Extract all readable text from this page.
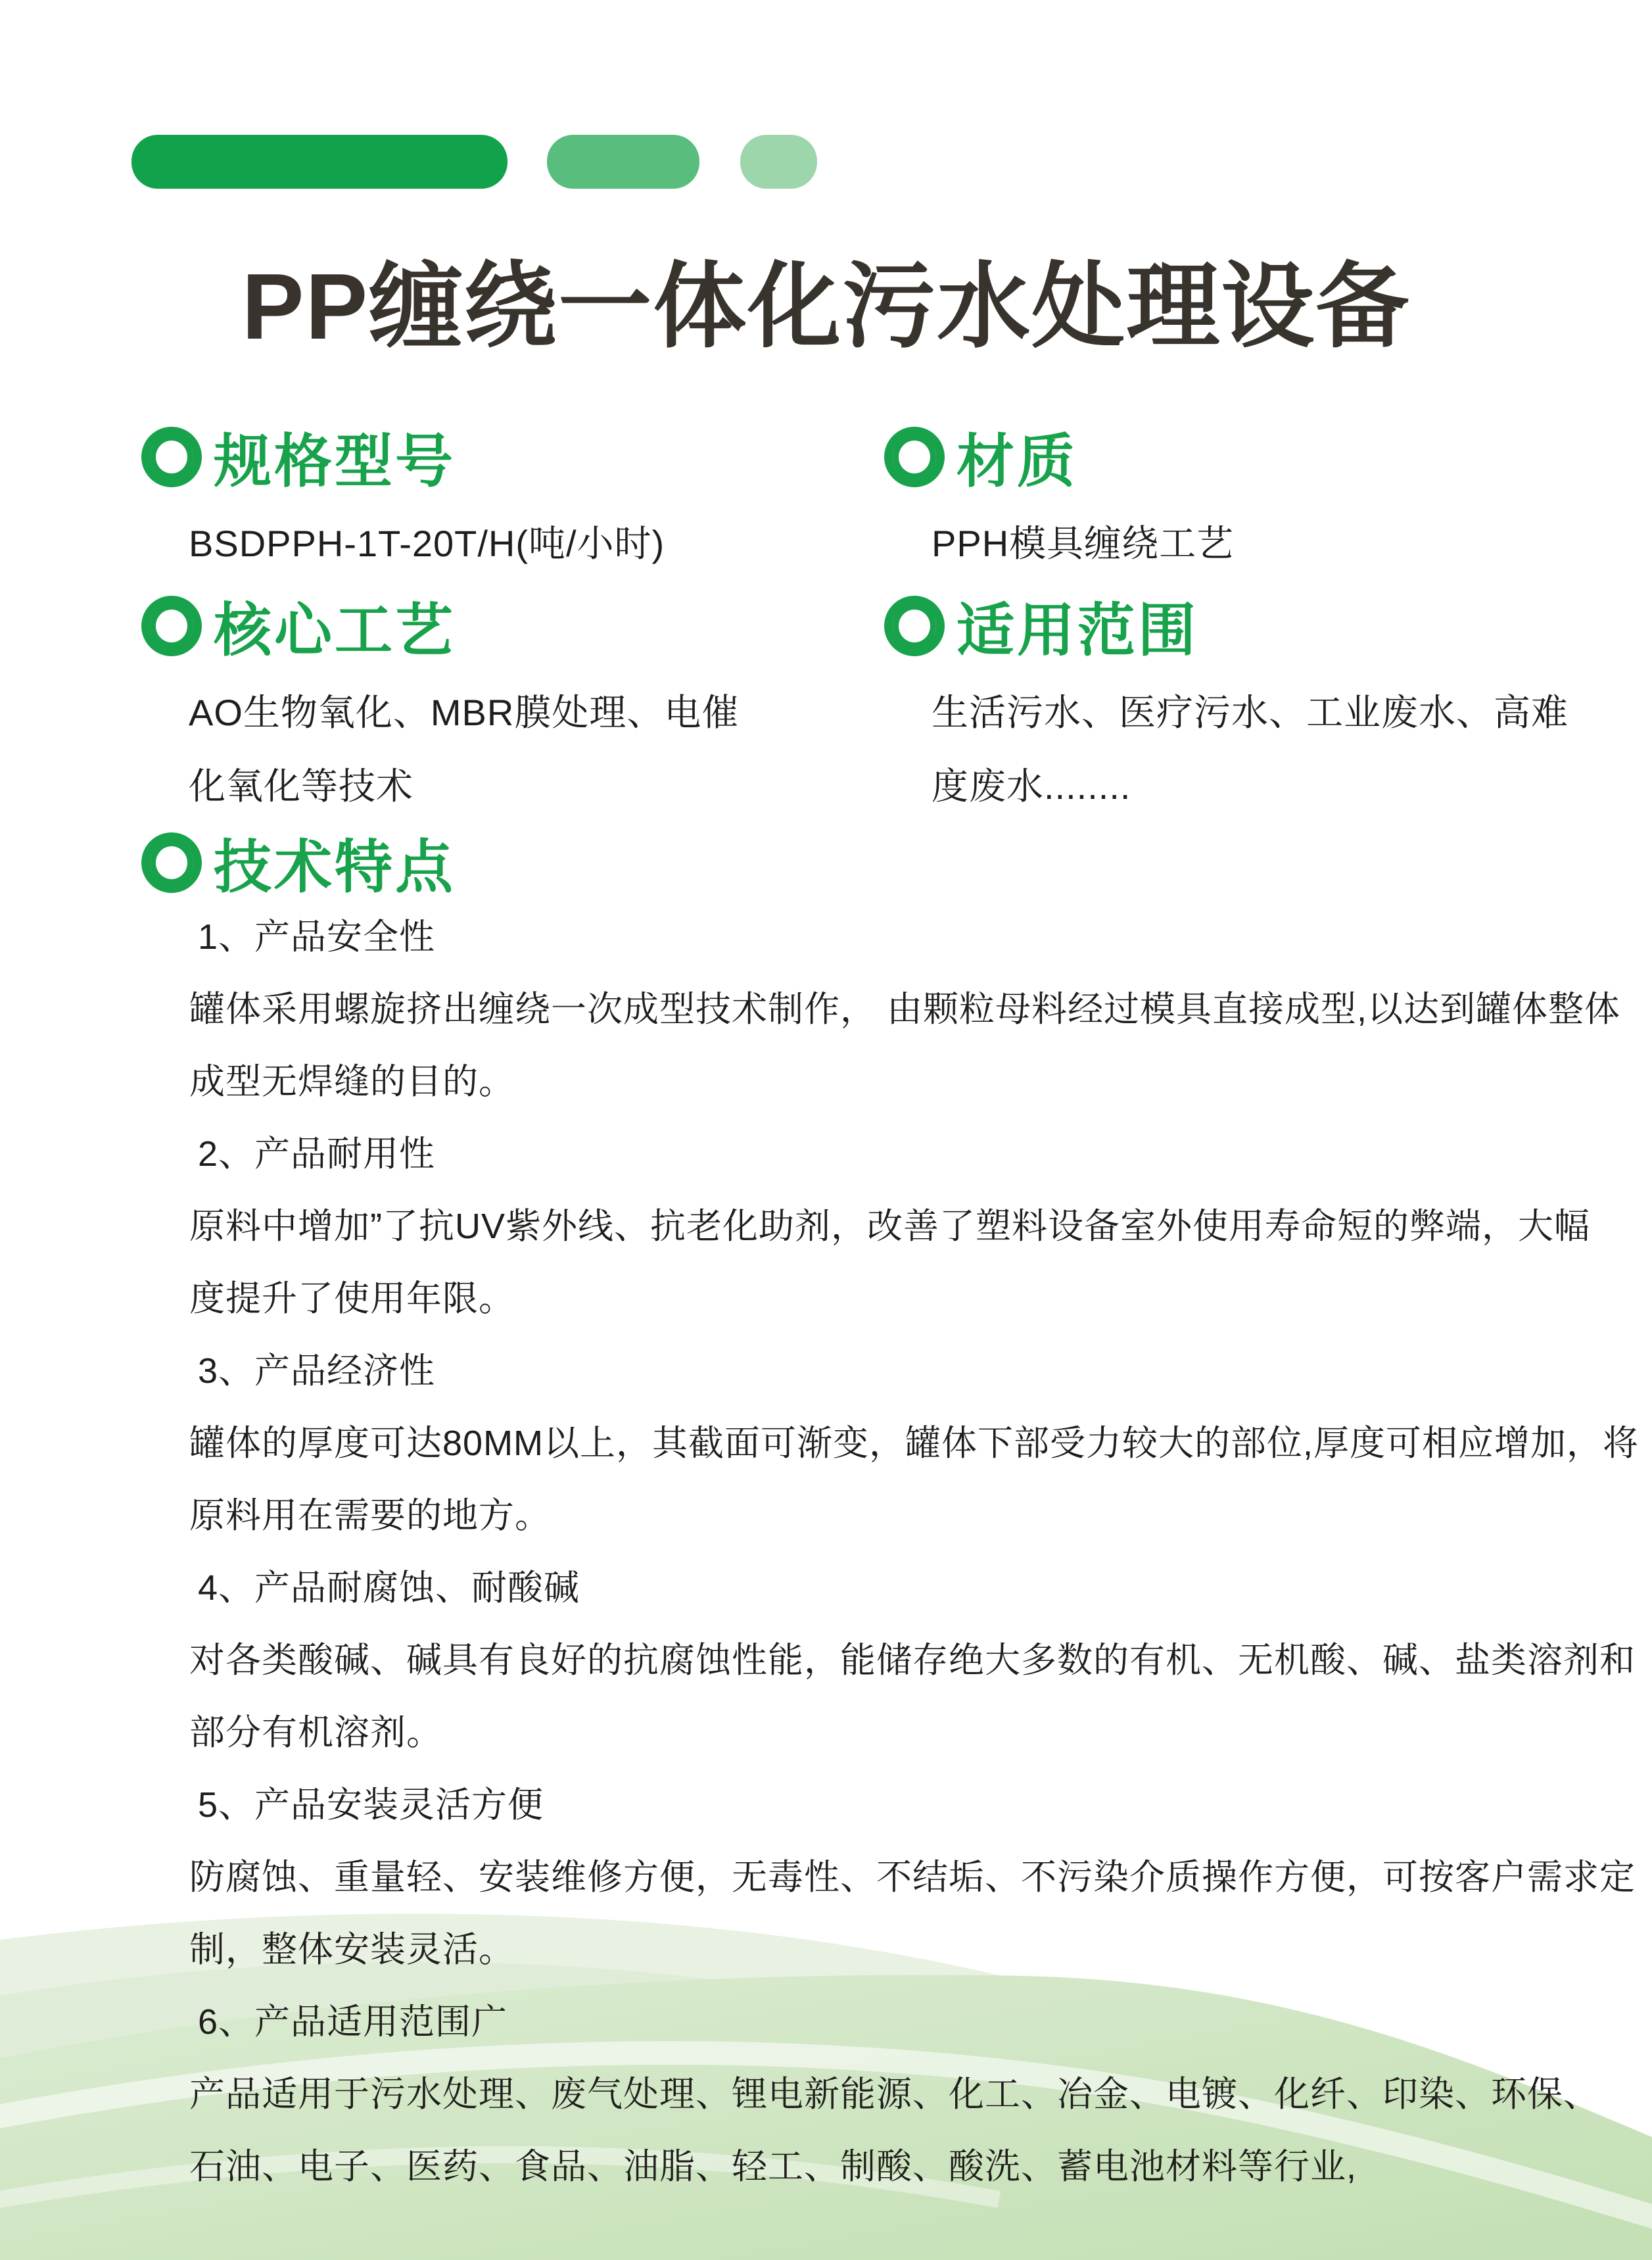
PP缠绕一体化污水处理设备
规格型号
BSDPPH-1T-20T/H(吨/小时)
材质
PPH模具缠绕工艺
核心工艺
AO生物氧化、MBR膜处理、电催
化氧化等技术
适用范围
生活污水、医疗污水、工业废水、高难
度废水........
技术特点
1、产品安全性
罐体采用螺旋挤出缠绕一次成型技术制作， 由颗粒母料经过模具直接成型,以达到罐体整体
成型无焊缝的目的。
2、产品耐用性
原料中增加”了抗UV紫外线、抗老化助剂，改善了塑料设备室外使用寿命短的弊端，大幅
度提升了使用年限。
3、产品经济性
罐体的厚度可达80MM以上，其截面可渐变，罐体下部受力较大的部位,厚度可相应增加，将
原料用在需要的地方。
4、产品耐腐蚀、耐酸碱
对各类酸碱、碱具有良好的抗腐蚀性能，能储存绝大多数的有机、无机酸、碱、盐类溶剂和
部分有机溶剂。
5、产品安装灵活方便
防腐蚀、重量轻、安装维修方便，无毒性、不结垢、不污染介质操作方便，可按客户需求定
制，整体安装灵活。
6、产品适用范围广
产品适用于污水处理、废气处理、锂电新能源、化工、冶金、电镀、化纤、印染、环保、
石油、电子、医药、食品、油脂、轻工、制酸、酸洗、蓄电池材料等行业,
